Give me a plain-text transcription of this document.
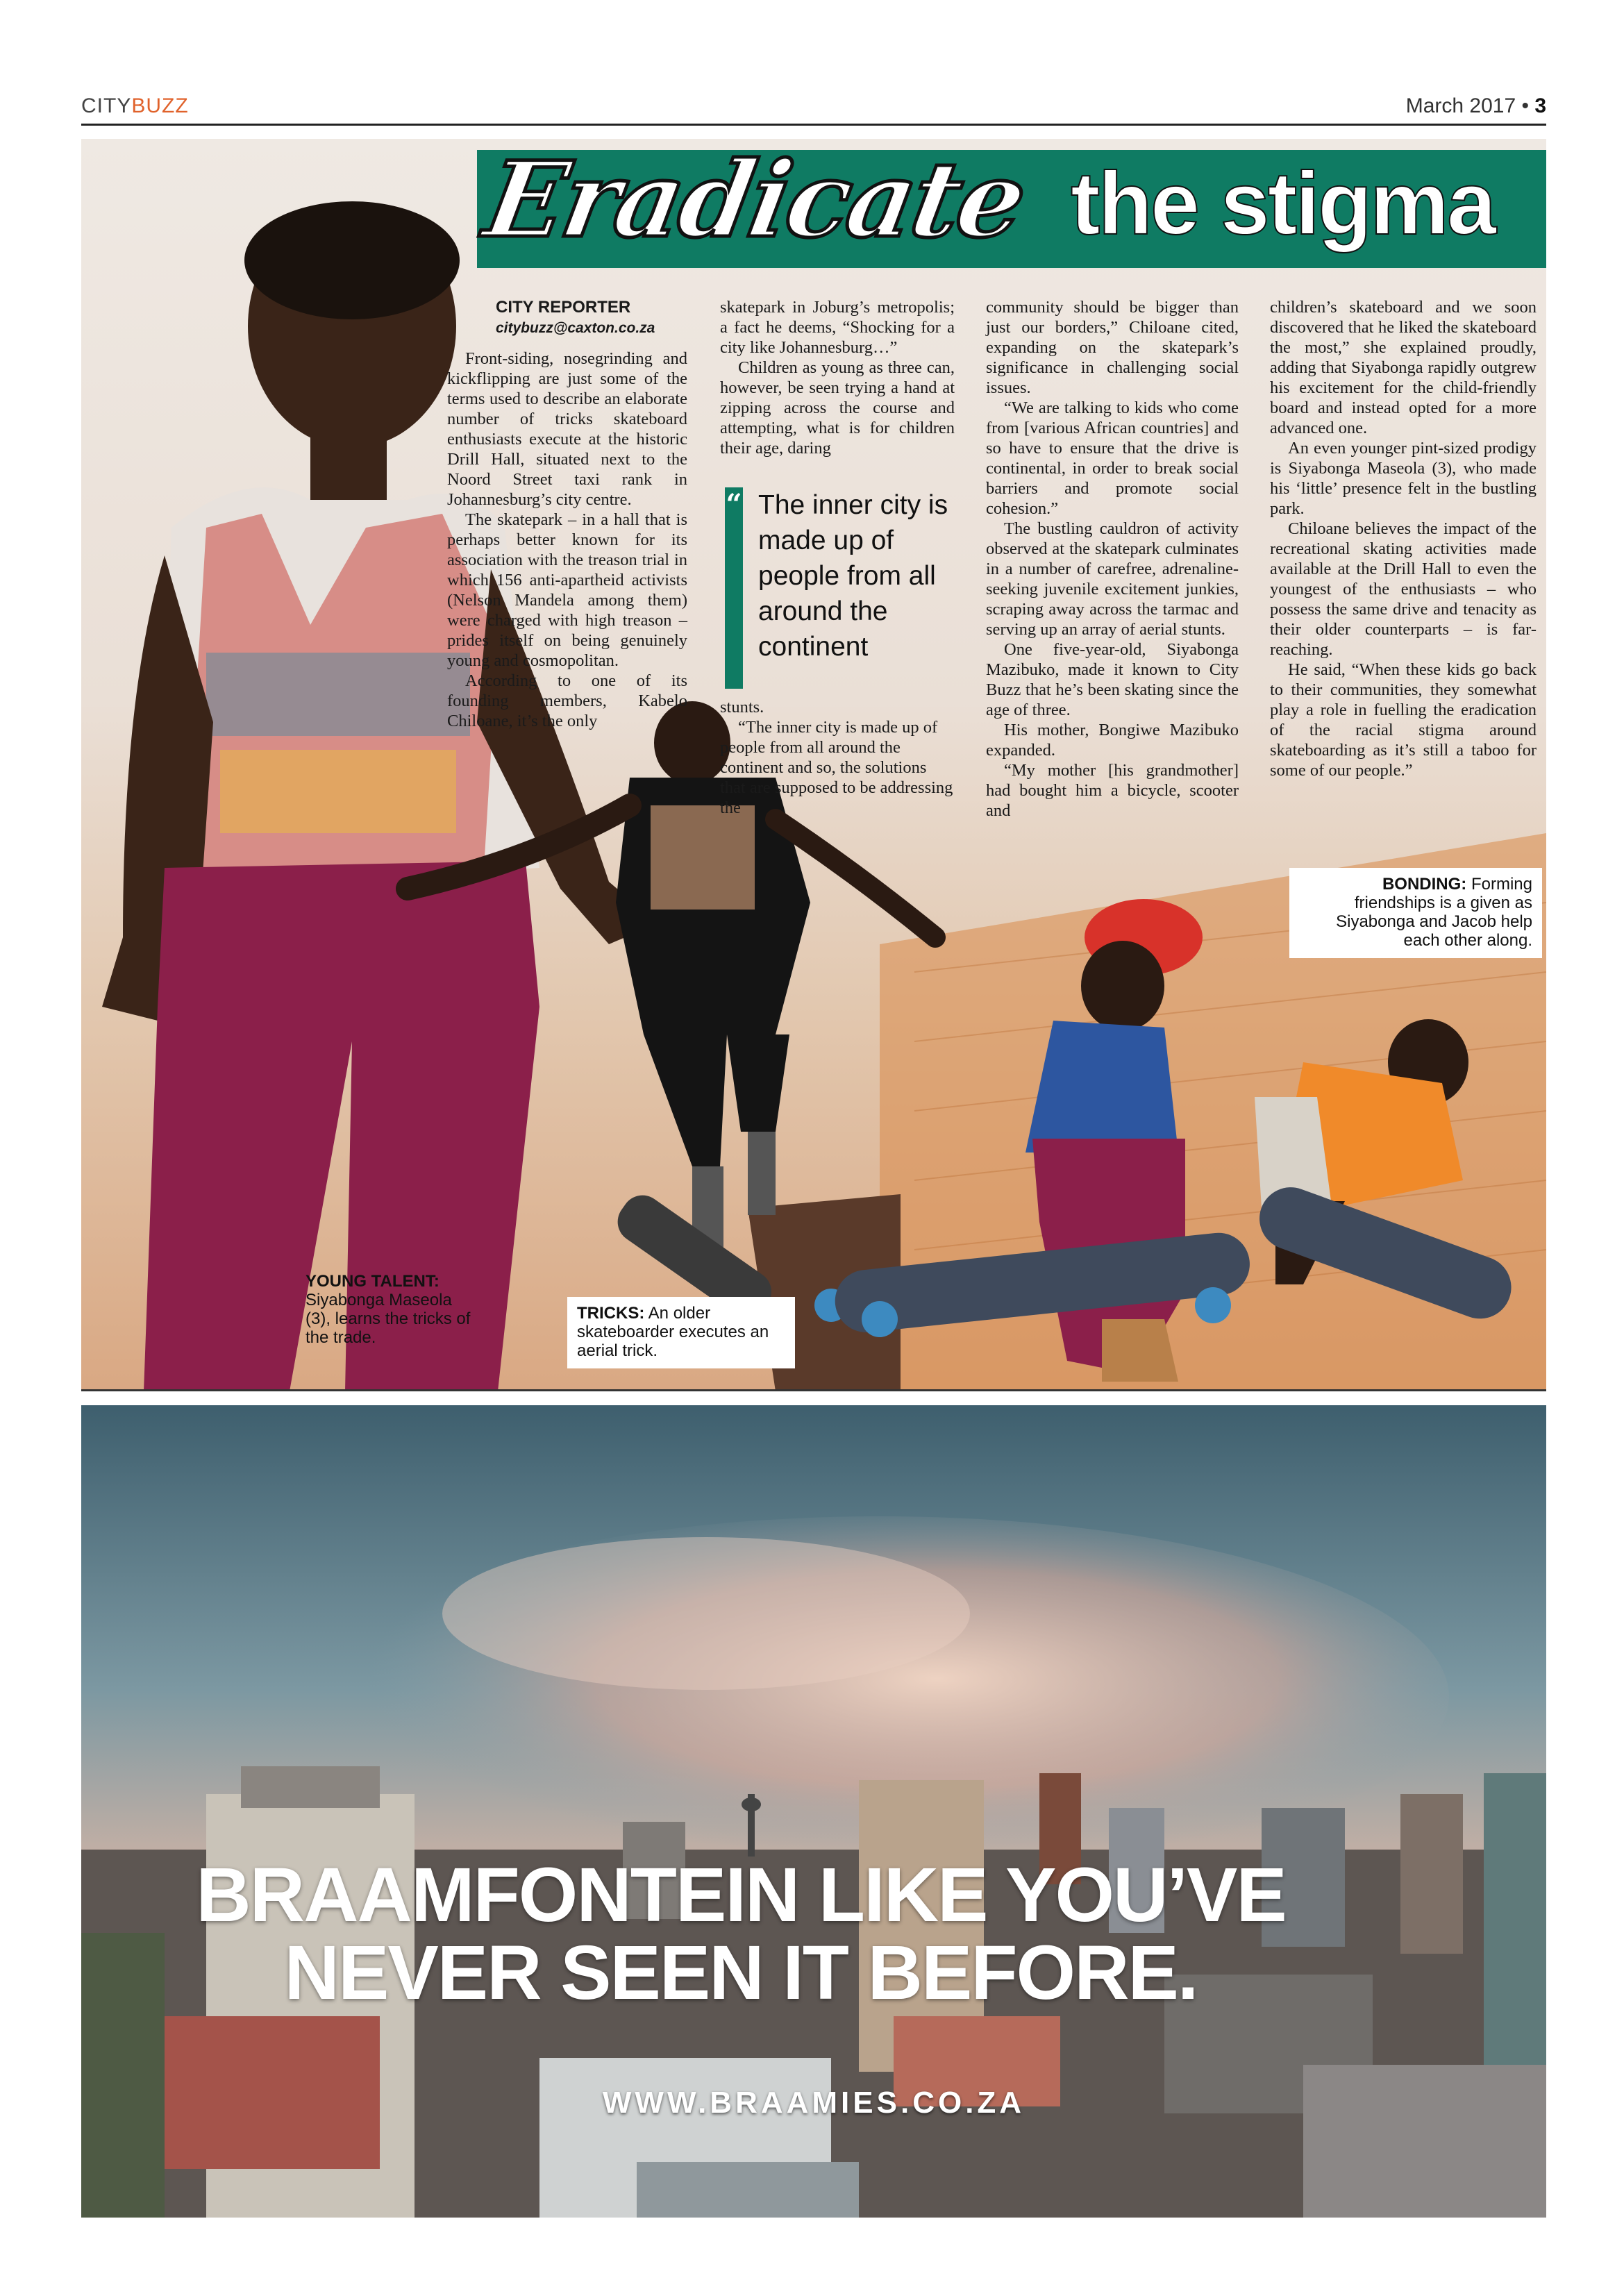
CITYBUZZ	March 2017 • 3
Eradicate the stigma
CITY REPORTER
citybuzz@caxton.co.za

Front-siding, nosegrinding and kickflipping are just some of the terms used to describe an elaborate number of tricks skateboard enthusiasts execute at the historic Drill Hall, situated next to the Noord Street taxi rank in Johannesburg’s city centre.

The skatepark – in a hall that is perhaps better known for its association with the treason trial in which 156 anti-apartheid activists (Nelson Mandela among them) were charged with high treason – prides itself on being genuinely young and cosmopolitan.

According to one of its founding members, Kabelo Chiloane, it’s the only

skatepark in Joburg’s metropolis; a fact he deems, “Shocking for a city like Johannesburg…”

Children as young as three can, however, be seen trying a hand at zipping across the course and attempting, what is for children their age, daring

“ The inner city is made up of people from all around the continent

stunts.

“The inner city is made up of people from all around the continent and so, the solutions that are supposed to be addressing the

community should be bigger than just our borders,” Chiloane cited, expanding on the skatepark’s significance in challenging social issues.

“We are talking to kids who come from [various African countries] and so have to ensure that the drive is continental, in order to break social barriers and promote social cohesion.”

The bustling cauldron of activity observed at the skatepark culminates in a number of carefree, adrenaline-seeking juvenile excitement junkies, scraping away across the tarmac and serving up an array of aerial stunts.

One five-year-old, Siyabonga Mazibuko, made it known to City Buzz that he’s been skating since the age of three.

His mother, Bongiwe Mazibuko expanded.

“My mother [his grandmother] had bought him a bicycle, scooter and

children’s skateboard and we soon discovered that he liked the skateboard the most,” she explained proudly, adding that Siyabonga rapidly outgrew his excitement for the child-friendly board and instead opted for a more advanced one.

An even younger pint-sized prodigy is Siyabonga Maseola (3), who made his ‘little’ presence felt in the bustling park.

Chiloane believes the impact of the recreational skating activities made available at the Drill Hall to even the youngest of the enthusiasts – who possess the same drive and tenacity as their older counterparts – is far-reaching.

He said, “When these kids go back to their communities, they somewhat play a role in fuelling the eradication of the racial stigma around skateboarding as it’s still a taboo for some of our people.”

YOUNG TALENT:
Siyabonga Maseola (3), learns the tricks of the trade.
TRICKS: An older skateboarder executes an aerial trick.
BONDING: Forming friendships is a given as Siyabonga and Jacob help each other along.
BRAAMFONTEIN LIKE YOU’VE
NEVER SEEN IT BEFORE.
WWW.BRAAMIES.CO.ZA
